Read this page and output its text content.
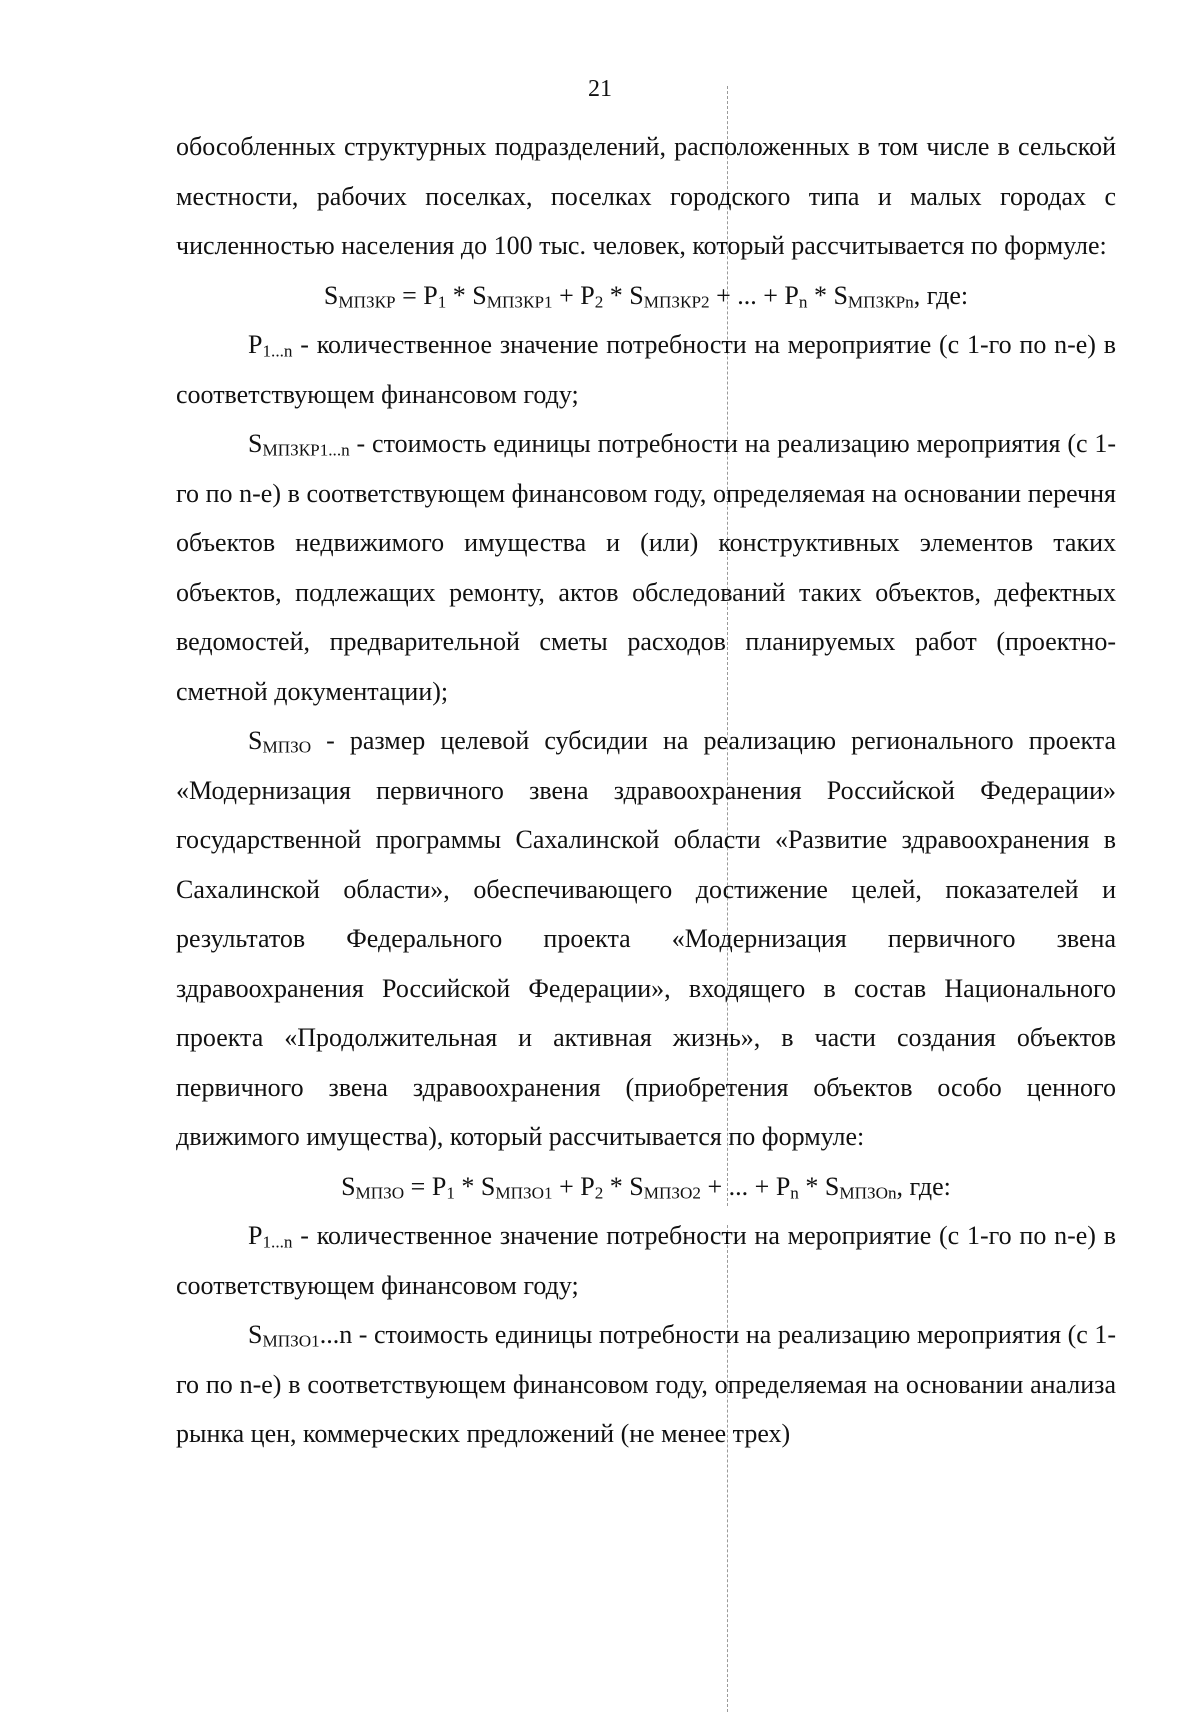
21

обособленных структурных подразделений, расположенных в том числе в сельской местности, рабочих поселках, поселках городского типа и малых городах с численностью населения до 100 тыс. человек, который рассчитывается по формуле:

$S_{МПЗКР} = P_1 * S_{МПЗКР1} + P_2 * S_{МПЗКР2}$ + ... + $P_n * S_{МПЗКРn}$, где:

$P_{1...n}$ - количественное значение потребности на мероприятие (с 1-го по n-е) в соответствующем финансовом году;

$S_{МПЗКР1...n}$ - стоимость единицы потребности на реализацию мероприятия (с 1-го по n-е) в соответствующем финансовом году, определяемая на основании перечня объектов недвижимого имущества и (или) конструктивных элементов таких объектов, подлежащих ремонту, актов обследований таких объектов, дефектных ведомостей, предварительной сметы расходов планируемых работ (проектно-сметной документации);

$S_{МПЗО}$ - размер целевой субсидии на реализацию регионального проекта «Модернизация первичного звена здравоохранения Российской Федерации» государственной программы Сахалинской области «Развитие здравоохранения в Сахалинской области», обеспечивающего достижение целей, показателей и результатов Федерального проекта «Модернизация первичного звена здравоохранения Российской Федерации», входящего в состав Национального проекта «Продолжительная и активная жизнь», в части создания объектов первичного звена здравоохранения (приобретения объектов особо ценного движимого имущества), который рассчитывается по формуле:

$S_{МПЗО} = P_1 * S_{МПЗО1} + P_2 * S_{МПЗО2}$ + ... + $P_n * S_{МПЗОn}$, где:

$P_{1...n}$ - количественное значение потребности на мероприятие (с 1-го по n-е) в соответствующем финансовом году;

$S_{МПЗО1}...n$ - стоимость единицы потребности на реализацию мероприятия (с 1-го по n-е) в соответствующем финансовом году, определяемая на основании анализа рынка цен, коммерческих предложений (не менее трех)
